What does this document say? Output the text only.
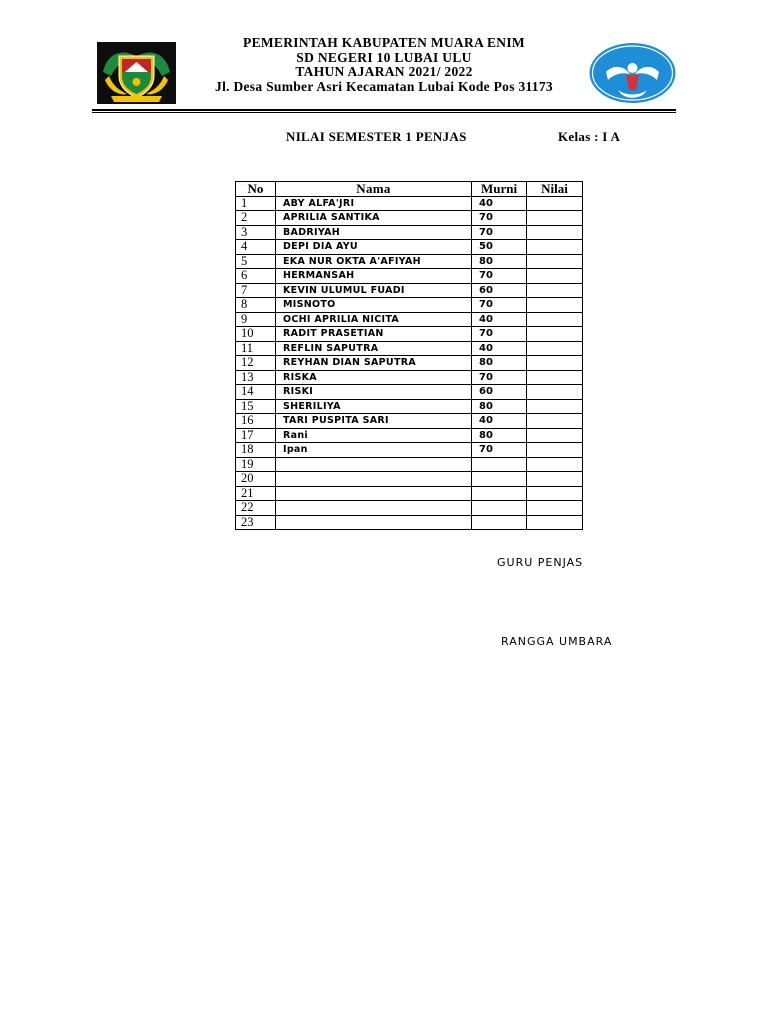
PEMERINTAH KABUPATEN MUARA ENIM
SD NEGERI 10 LUBAI ULU
TAHUN AJARAN 2021/ 2022
Jl. Desa Sumber Asri Kecamatan Lubai Kode Pos 31173
TUT WURI HANDAYANI
NILAI SEMESTER 1 PENJAS	Kelas : I A
No	Nama	Murni	Nilai
1	ABY ALFA'JRI	40	
2	APRILIA SANTIKA	70	
3	BADRIYAH	70	
4	DEPI DIA AYU	50	
5	EKA NUR OKTA A'AFIYAH	80	
6	HERMANSAH	70	
7	KEVIN ULUMUL FUADI	60	
8	MISNOTO	70	
9	OCHI APRILIA NICITA	40	
10	RADIT PRASETIAN	70	
11	REFLIN SAPUTRA	40	
12	REYHAN DIAN SAPUTRA	80	
13	RISKA	70	
14	RISKI	60	
15	SHERILIYA	80	
16	TARI PUSPITA SARI	40	
17	Rani	80	
18	Ipan	70	
19			
20			
21			
22			
23			
GURU PENJAS
RANGGA UMBARA
